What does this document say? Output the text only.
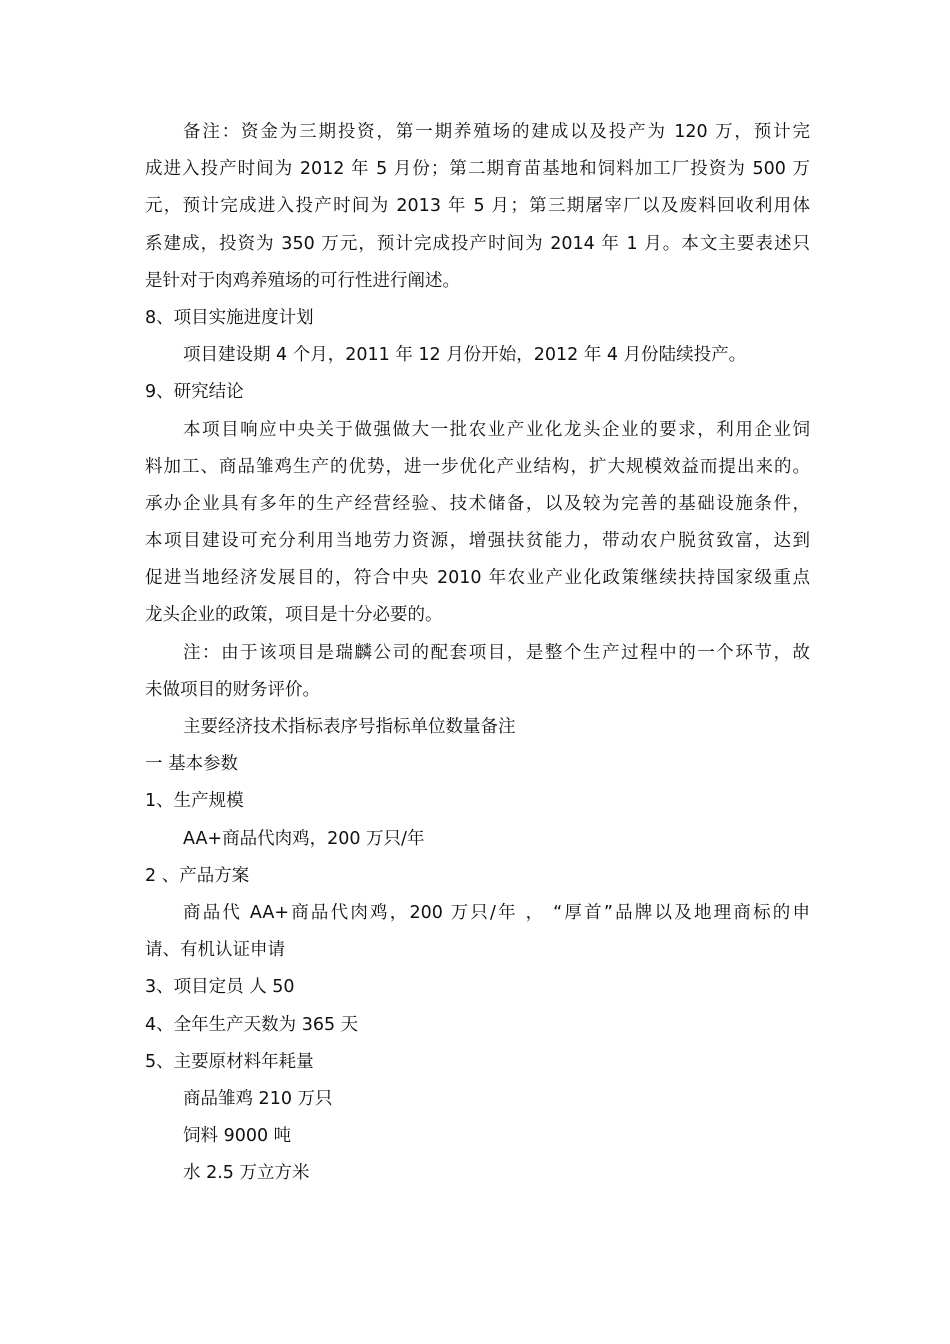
备注：资金为三期投资，第一期养殖场的建成以及投产为 120 万，预计完
成进入投产时间为 2012 年 5 月份；第二期育苗基地和饲料加工厂投资为 500 万
元，预计完成进入投产时间为 2013 年 5 月；第三期屠宰厂以及废料回收利用体
系建成，投资为 350 万元，预计完成投产时间为 2014 年 1 月。本文主要表述只
是针对于肉鸡养殖场的可行性进行阐述。
8、项目实施进度计划
项目建设期 4 个月，2011 年 12 月份开始，2012 年 4 月份陆续投产。
9、研究结论
本项目响应中央关于做强做大一批农业产业化龙头企业的要求，利用企业饲
料加工、商品雏鸡生产的优势，进一步优化产业结构，扩大规模效益而提出来的。
承办企业具有多年的生产经营经验、技术储备，以及较为完善的基础设施条件，
本项目建设可充分利用当地劳力资源，增强扶贫能力，带动农户脱贫致富，达到
促进当地经济发展目的，符合中央 2010 年农业产业化政策继续扶持国家级重点
龙头企业的政策，项目是十分必要的。
注：由于该项目是瑞麟公司的配套项目，是整个生产过程中的一个环节，故
未做项目的财务评价。
主要经济技术指标表序号指标单位数量备注
一 基本参数
1、生产规模
AA+商品代肉鸡，200 万只/年
2 、产品方案
商品代 AA+商品代肉鸡，200 万只/年 ， “厚首”品牌以及地理商标的申
请、有机认证申请
3、项目定员 人 50
4、全年生产天数为 365 天
5、主要原材料年耗量
商品雏鸡 210 万只
饲料 9000 吨
水 2.5 万立方米
